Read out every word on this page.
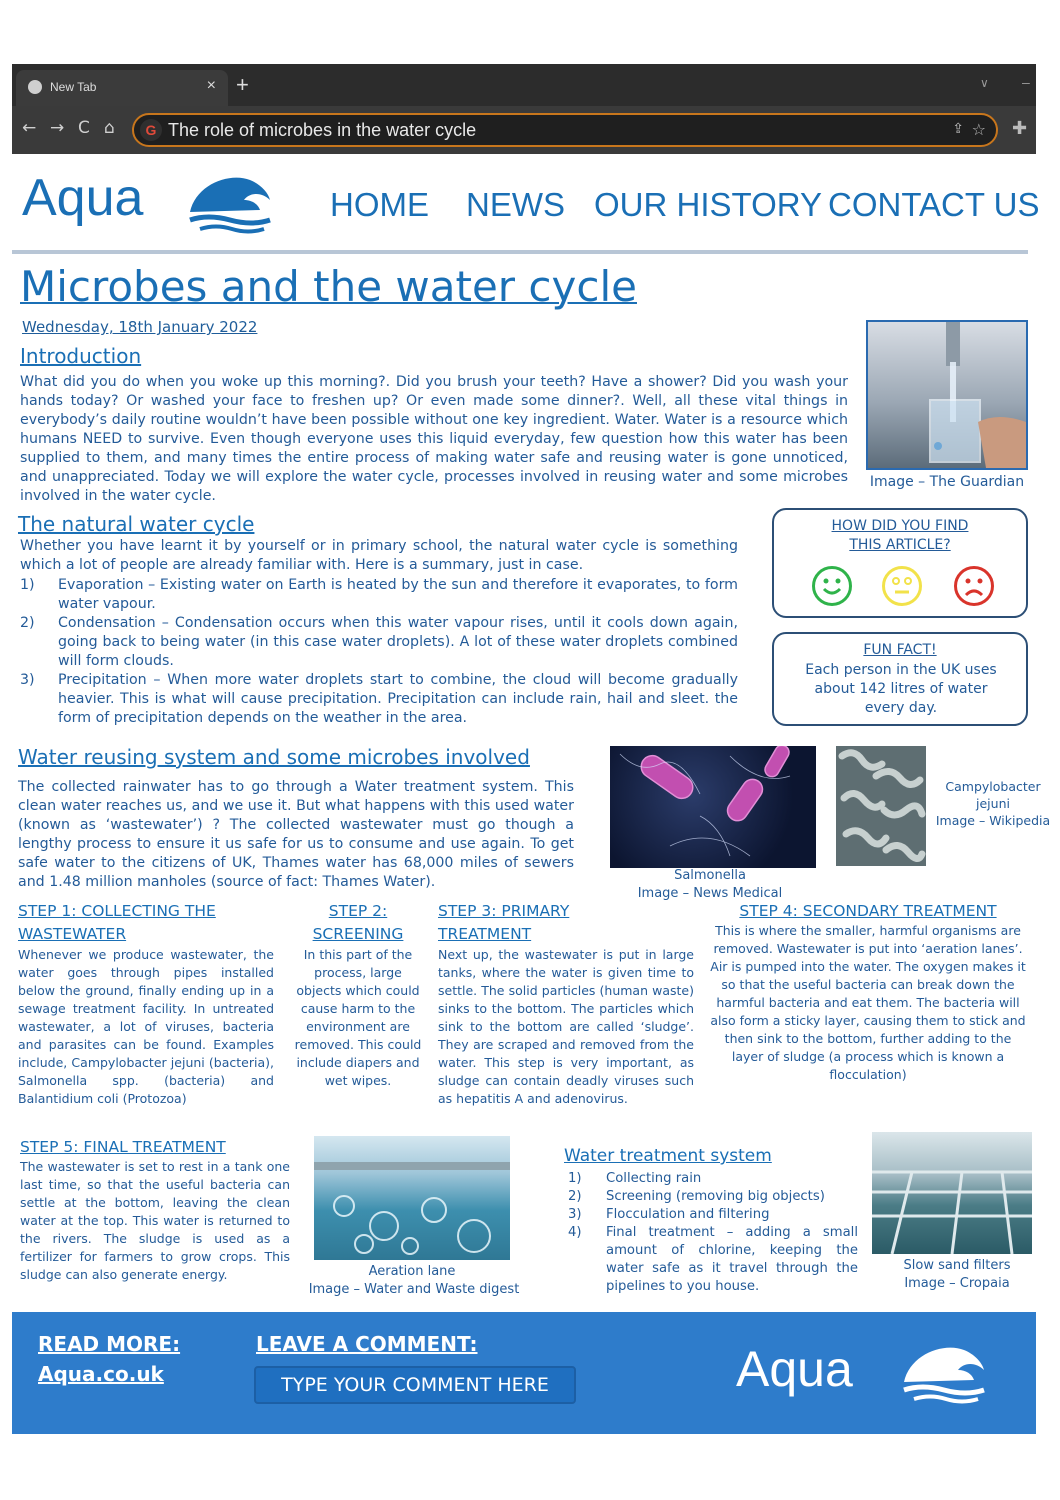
New Tab	× +	∨ –
← → C ⌂	G The role of microbes in the water cycle	⇪ ☆ ✚
Aqua	HOME NEWS OUR HISTORY CONTACT US
Microbes and the water cycle
Wednesday, 18th January 2022
Introduction
What did you do when you woke up this morning?. Did you brush your teeth? Have a shower? Did you wash your hands today? Or washed your face to freshen up? Or even made some dinner?. Well, all these vital things in everybody’s daily routine wouldn’t have been possible without one key ingredient. Water. Water is a resource which humans NEED to survive. Even though everyone uses this liquid everyday, few question how this water has been supplied to them, and many times the entire process of making water safe and reusing water is gone unnoticed, and unappreciated. Today we will explore the water cycle, processes involved in reusing water and some microbes involved in the water cycle.
Image – The Guardian
The natural water cycle
Whether you have learnt it by yourself or in primary school, the natural water cycle is something which a lot of people are already familiar with. Here is a summary, just in case.
1) Evaporation – Existing water on Earth is heated by the sun and therefore it evaporates, to form water vapour.
2) Condensation – Condensation occurs when this water vapour rises, until it cools down again, going back to being water (in this case water droplets). A lot of these water droplets combined will form clouds.
3) Precipitation – When more water droplets start to combine, the cloud will become gradually heavier. This is what will cause precipitation. Precipitation can include rain, hail and sleet. the form of precipitation depends on the weather in the area.
HOW DID YOU FIND
THIS ARTICLE?
FUN FACT!
Each person in the UK uses about 142 litres of water every day.
Water reusing system and some microbes involved
The collected rainwater has to go through a Water treatment system. This clean water reaches us, and we use it. But what happens with this used water (known as ‘wastewater’) ? The collected wastewater must go though a lengthy process to ensure it us safe for us to consume and use again. To get safe water to the citizens of UK, Thames water has 68,000 miles of sewers and 1.48 million manholes (source of fact: Thames Water).	Salmonella
Image – News Medical
Campylobacter
jejuni
Image – Wikipedia
STEP 1: COLLECTING THE WASTEWATER
Whenever we produce wastewater, the water goes through pipes installed below the ground, finally ending up in a sewage treatment facility. In untreated wastewater, a lot of viruses, bacteria and parasites can be found. Examples include, Campylobacter jejuni (bacteria), Salmonella spp. (bacteria) and Balantidium coli (Protozoa)
STEP 2: SCREENING
In this part of the process, large objects which could cause harm to the environment are removed. This could include diapers and wet wipes.
STEP 3: PRIMARY TREATMENT
Next up, the wastewater is put in large tanks, where the water is given time to settle. The solid particles (human waste) sinks to the bottom. The particles which sink to the bottom are called ‘sludge’. They are scraped and removed from the water. This step is very important, as sludge can contain deadly viruses such as hepatitis A and adenovirus.
STEP 4: SECONDARY TREATMENT
This is where the smaller, harmful organisms are removed. Wastewater is put into ‘aeration lanes’. Air is pumped into the water. The oxygen makes it so that the useful bacteria can break down the harmful bacteria and eat them. The bacteria will also form a sticky layer, causing them to stick and then sink to the bottom, further adding to the layer of sludge (a process which is known a flocculation)
STEP 5: FINAL TREATMENT
The wastewater is set to rest in a tank one last time, so that the useful bacteria can settle at the bottom, leaving the clean water at the top. This water is returned to the rivers. The sludge is used as a fertilizer for farmers to grow crops. This sludge can also generate energy.	Aeration lane
Image – Water and Waste digest
Water treatment system
1) Collecting rain
2) Screening (removing big objects)
3) Flocculation and filtering
4) Final treatment – adding a small amount of chlorine, keeping the water safe as it travel through the pipelines to you house.
Slow sand filters
Image – Cropaia
READ MORE:
Aqua.co.uk
LEAVE A COMMENT:
TYPE YOUR COMMENT HERE	Aqua
